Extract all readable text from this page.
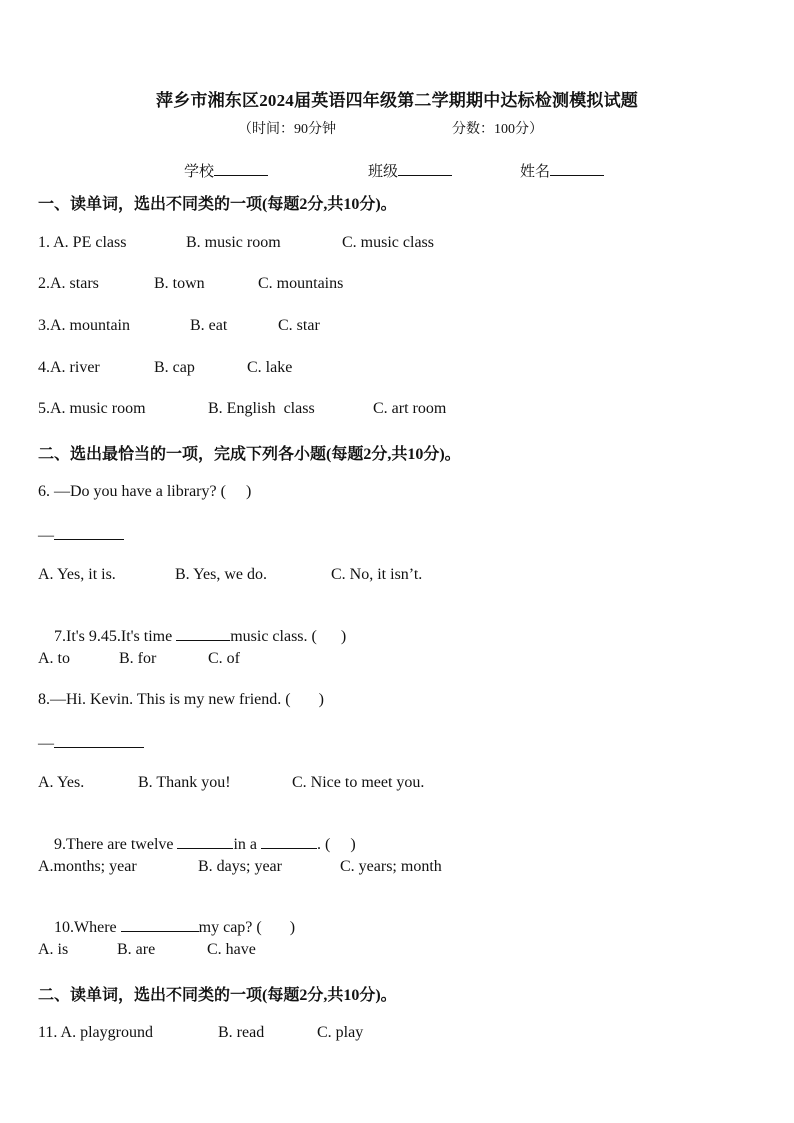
萍乡市湘东区2024届英语四年级第二学期期中达标检测模拟试题
（时间：90分钟	分数：100分）
学校	班级	姓名
一、读单词，选出不同类的一项(每题2分,共10分)。
1. A. PE class	B. music room	C. music class
2.A. stars	B. town	C. mountains
3.A. mountain	B. eat	C. star
4.A. river	B. cap	C. lake
5.A. music room	B. English  class	C. art room
二、选出最恰当的一项，完成下列各小题(每题2分,共10分)。
6. —Do you have a library? (     )
—
A. Yes, it is.	B. Yes, we do.	C. No, it isn’t.

7.It's 9.45.It's time	music class. (      )

A. to	B. for	C. of
8.—Hi. Kevin. This is my new friend. (       )
—
A. Yes.	B. Thank you!	C. Nice to meet you.

9.There are twelve	in a	. (     )

A.months; year	B. days; year	C. years; month

10.Where	my cap? (       )

A. is	B. are	C. have
二、读单词，选出不同类的一项(每题2分,共10分)。
11. A. playground	B. read	C. play
